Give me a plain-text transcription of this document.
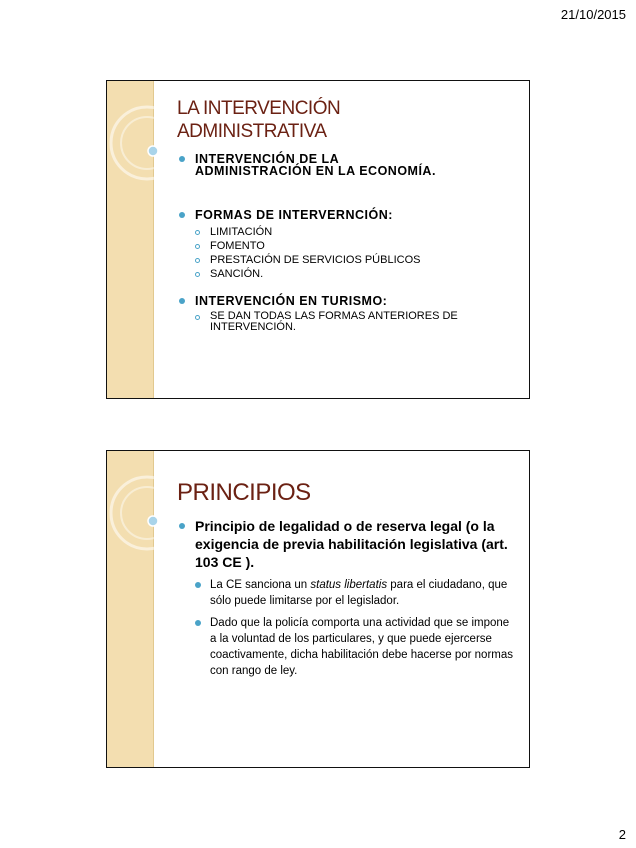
21/10/2015
LA INTERVENCIÓN
ADMINISTRATIVA
INTERVENCIÓN DE LA
ADMINISTRACIÓN EN LA ECONOMÍA.
FORMAS DE INTERVERNCIÓN:
LIMITACIÓN
FOMENTO
PRESTACIÓN DE SERVICIOS PÚBLICOS
SANCIÓN.
INTERVENCIÓN EN TURISMO:
SE DAN TODAS LAS FORMAS ANTERIORES DE
INTERVENCIÓN.
PRINCIPIOS
Principio de legalidad o de reserva legal (o la exigencia de previa habilitación legislativa (art. 103 CE ).
La CE sanciona un status libertatis para el ciudadano, que sólo puede limitarse por el legislador.
Dado que la policía comporta una actividad que se impone a la voluntad de los particulares, y que puede ejercerse coactivamente, dicha habilitación debe hacerse por normas con rango de ley.
2
